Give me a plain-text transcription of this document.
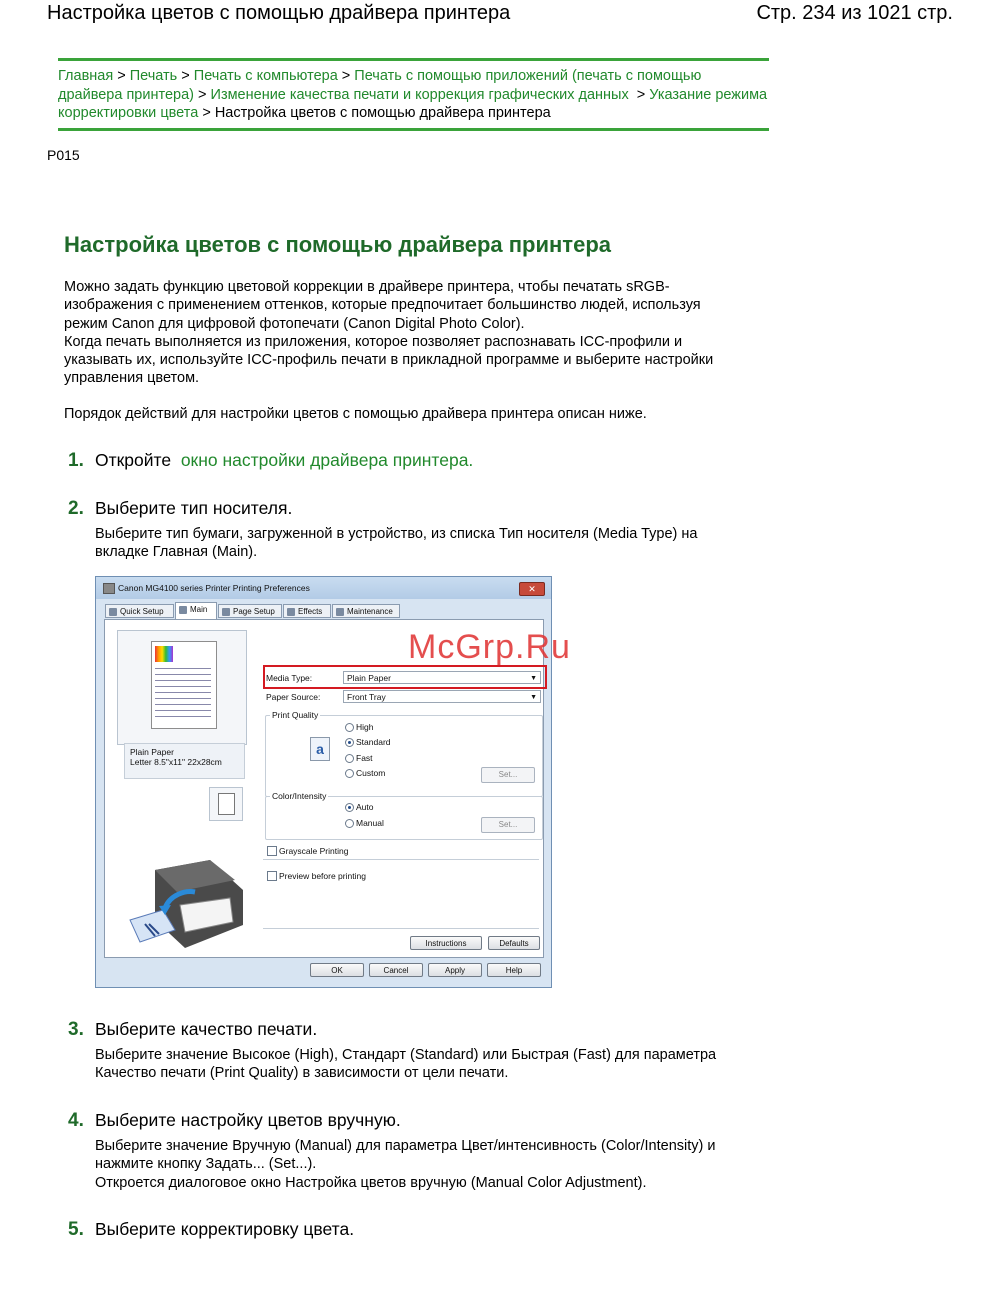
Настройка цветов с помощью драйвера принтера	Стр. 234 из 1021 стр.
Главная > Печать > Печать с компьютера > Печать с помощью приложений (печать с помощью драйвера принтера) > Изменение качества печати и коррекция графических данных > Указание режима корректировки цвета > Настройка цветов с помощью драйвера принтера
P015
Настройка цветов с помощью драйвера принтера

Можно задать функцию цветовой коррекции в драйвере принтера, чтобы печатать sRGB-изображения с применением оттенков, которые предпочитает большинство людей, используя режим Canon для цифровой фотопечати (Canon Digital Photo Color).

Когда печать выполняется из приложения, которое позволяет распознавать ICC-профили и указывать их, используйте ICC-профиль печати в прикладной программе и выберите настройки управления цветом.

Порядок действий для настройки цветов с помощью драйвера принтера описан ниже.
1. Откройте окно настройки драйвера принтера.
2. Выберите тип носителя.

Выберите тип бумаги, загруженной в устройство, из списка Тип носителя (Media Type) на вкладке Главная (Main).

Canon MG4100 series Printer Printing Preferences	✕
Quick Setup	Main	Page Setup	Effects	Maintenance
Plain Paper
Letter 8.5"x11" 22x28cm
Media Type:	Plain Paper	▼
Paper Source:	Front Tray	▼
Print Quality
a
High
Standard
Fast
Custom	Set...
Color/Intensity
Auto
Manual	Set...
Grayscale Printing
Preview before printing
Instructions	Defaults
OK	Cancel	Apply	Help
McGrp.Ru
3. Выберите качество печати.

Выберите значение Высокое (High), Стандарт (Standard) или Быстрая (Fast) для параметра Качество печати (Print Quality) в зависимости от цели печати.

4. Выберите настройку цветов вручную.

Выберите значение Вручную (Manual) для параметра Цвет/интенсивность (Color/Intensity) и нажмите кнопку Задать... (Set...).

Откроется диалоговое окно Настройка цветов вручную (Manual Color Adjustment).

5. Выберите корректировку цвета.
